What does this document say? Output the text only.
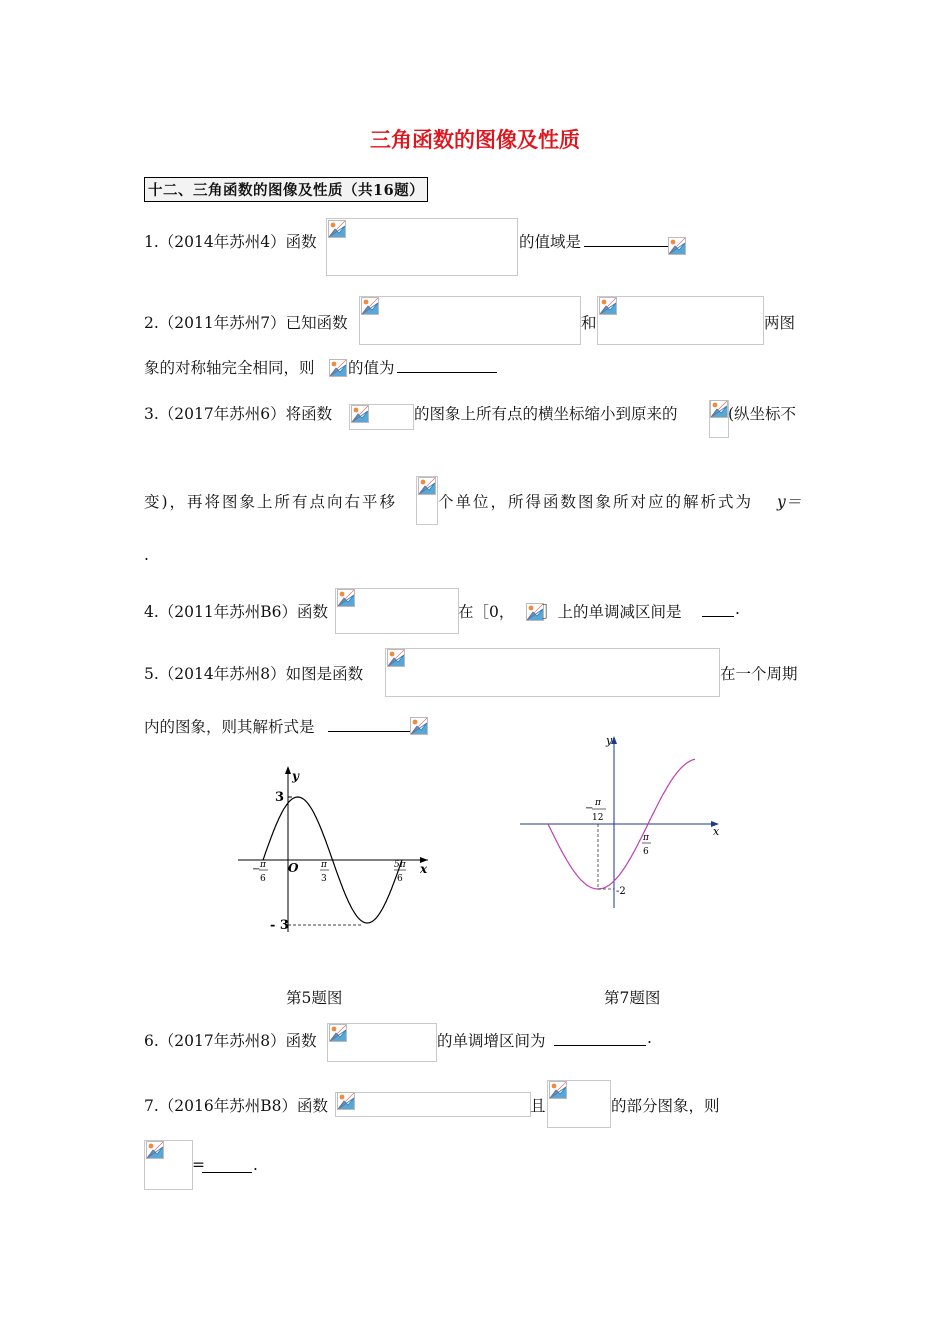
三角函数的图像及性质
十二、三角函数的图像及性质（共16题）
1.（2014年苏州4）函数	的值域是
2.（2011年苏州7）已知函数	和	两图
象的对称轴完全相同，则 的值为
3.（2017年苏州6）将函数	的图象上所有点的横坐标缩小到原来的	(纵坐标不
变)，再将图象上所有点向右平移	个单位，所得函数图象所对应的解析式为 y＝
.
4.（2011年苏州B6）函数	在［0， ］上的单调减区间是	.
5.（2014年苏州8）如图是函数	在一个周期
内的图象，则其解析式是
3
- 3
y
x
O
− π
6
π
3
5π
6
第5题图
y
x
− π
12
π
6
-2
第7题图
6.（2017年苏州8）函数	的单调增区间为	.
7.（2016年苏州B8）函数	且	的部分图象，则
=	.
